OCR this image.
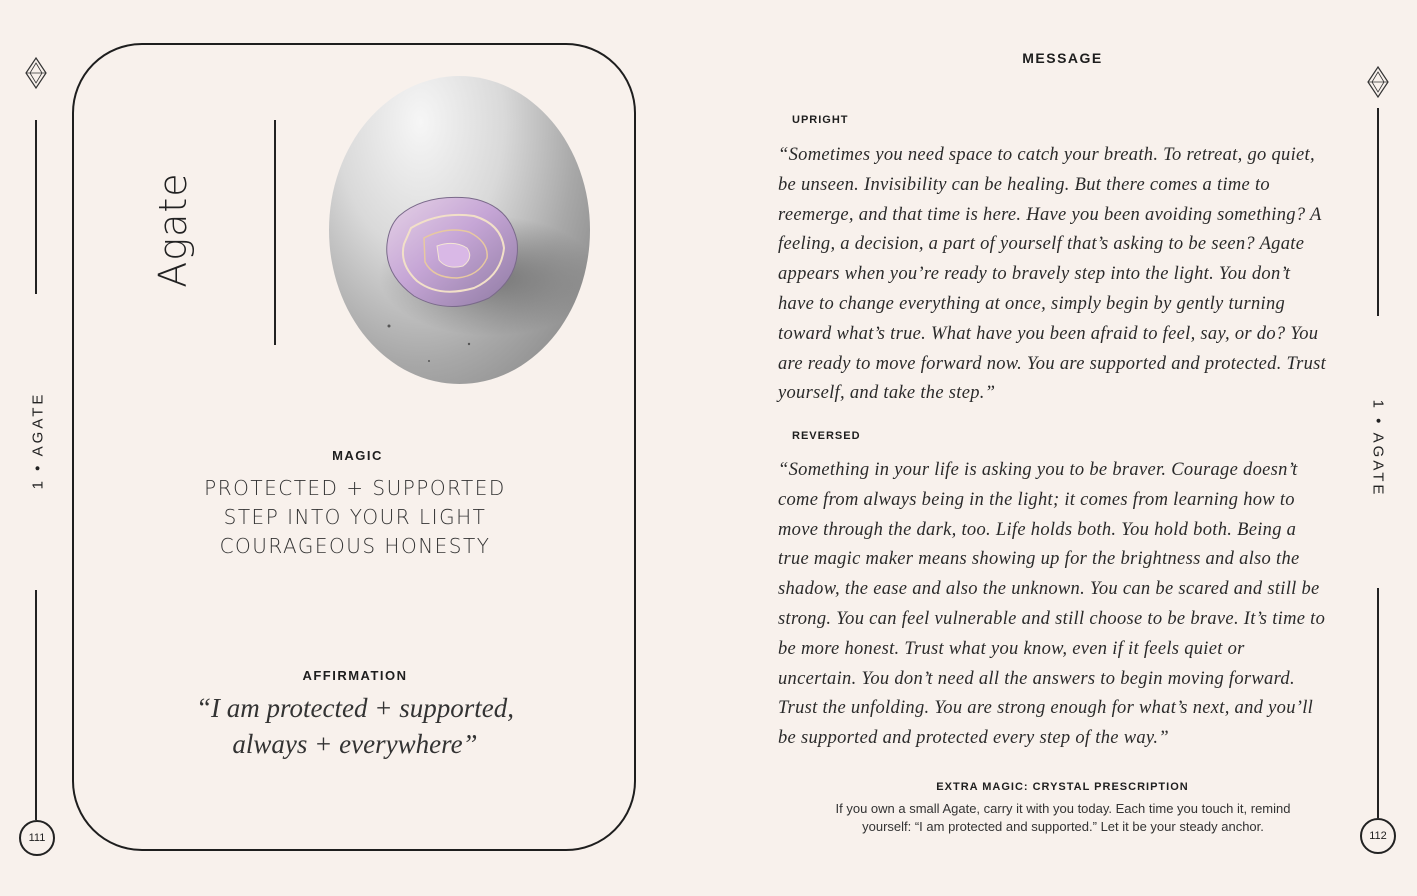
1 • AGATE
111
Agate
MAGIC
PROTECTED + SUPPORTED
STEP INTO YOUR LIGHT
COURAGEOUS HONESTY
AFFIRMATION
“I am protected + supported,
always + everywhere”
MESSAGE
UPRIGHT
“Sometimes you need space to catch your breath. To retreat, go quiet, be unseen. Invisibility can be healing. But there comes a time to reemerge, and that time is here. Have you been avoiding something? A feeling, a decision, a part of yourself that’s asking to be seen? Agate appears when you’re ready to bravely step into the light. You don’t have to change everything at once, simply begin by gently turning toward what’s true. What have you been afraid to feel, say, or do? You are ready to move forward now. You are supported and protected. Trust yourself, and take the step.”
REVERSED
“Something in your life is asking you to be braver. Courage doesn’t come from always being in the light; it comes from learning how to move through the dark, too. Life holds both. You hold both. Being a true magic maker means showing up for the brightness and also the shadow, the ease and also the unknown. You can be scared and still be strong. You can feel vulnerable and still choose to be brave. It’s time to be more honest. Trust what you know, even if it feels quiet or uncertain. You don’t need all the answers to begin moving forward. Trust the unfolding. You are strong enough for what’s next, and you’ll be supported and protected every step of the way.”
EXTRA MAGIC: CRYSTAL PRESCRIPTION
If you own a small Agate, carry it with you today. Each time you touch it, remind yourself: “I am protected and supported.” Let it be your steady anchor.
1 • AGATE
112
